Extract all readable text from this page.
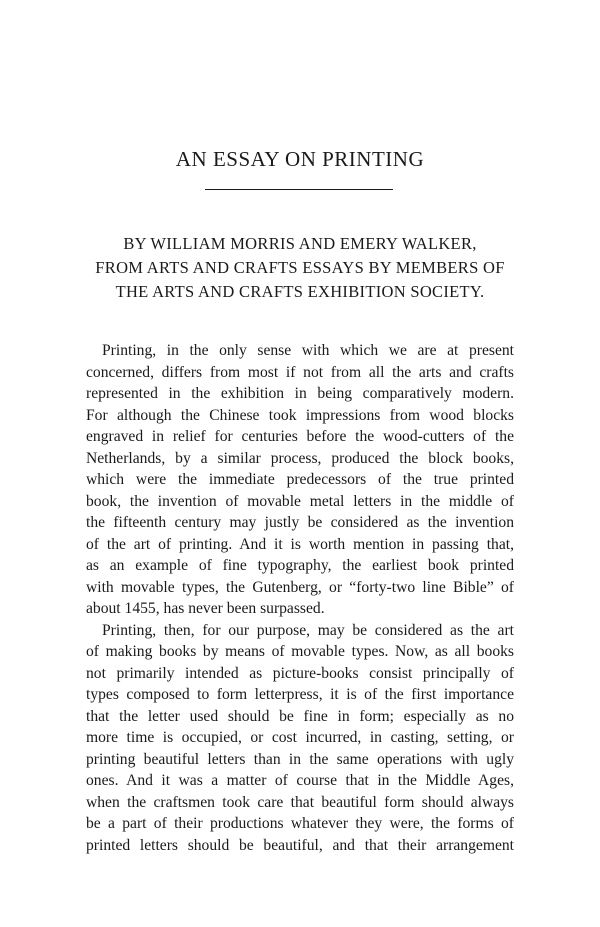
AN ESSAY ON PRINTING
BY WILLIAM MORRIS AND EMERY WALKER,
FROM ARTS AND CRAFTS ESSAYS BY MEMBERS OF
THE ARTS AND CRAFTS EXHIBITION SOCIETY.
Printing, in the only sense with which we are at present
concerned, differs from most if not from all the arts and crafts
represented in the exhibition in being comparatively modern.
For although the Chinese took impressions from wood blocks
engraved in relief for centuries before the wood-cutters of the
Netherlands, by a similar process, produced the block books,
which were the immediate predecessors of the true printed
book, the invention of movable metal letters in the middle of
the fifteenth century may justly be considered as the invention
of the art of printing. And it is worth mention in passing that,
as an example of fine typography, the earliest book printed
with movable types, the Gutenberg, or “forty-two line Bible” of
about 1455, has never been surpassed.
Printing, then, for our purpose, may be considered as the art
of making books by means of movable types. Now, as all books
not primarily intended as picture-books consist principally of
types composed to form letterpress, it is of the first importance
that the letter used should be fine in form; especially as no
more time is occupied, or cost incurred, in casting, setting, or
printing beautiful letters than in the same operations with ugly
ones. And it was a matter of course that in the Middle Ages,
when the craftsmen took care that beautiful form should always
be a part of their productions whatever they were, the forms of
printed letters should be beautiful, and that their arrangement
